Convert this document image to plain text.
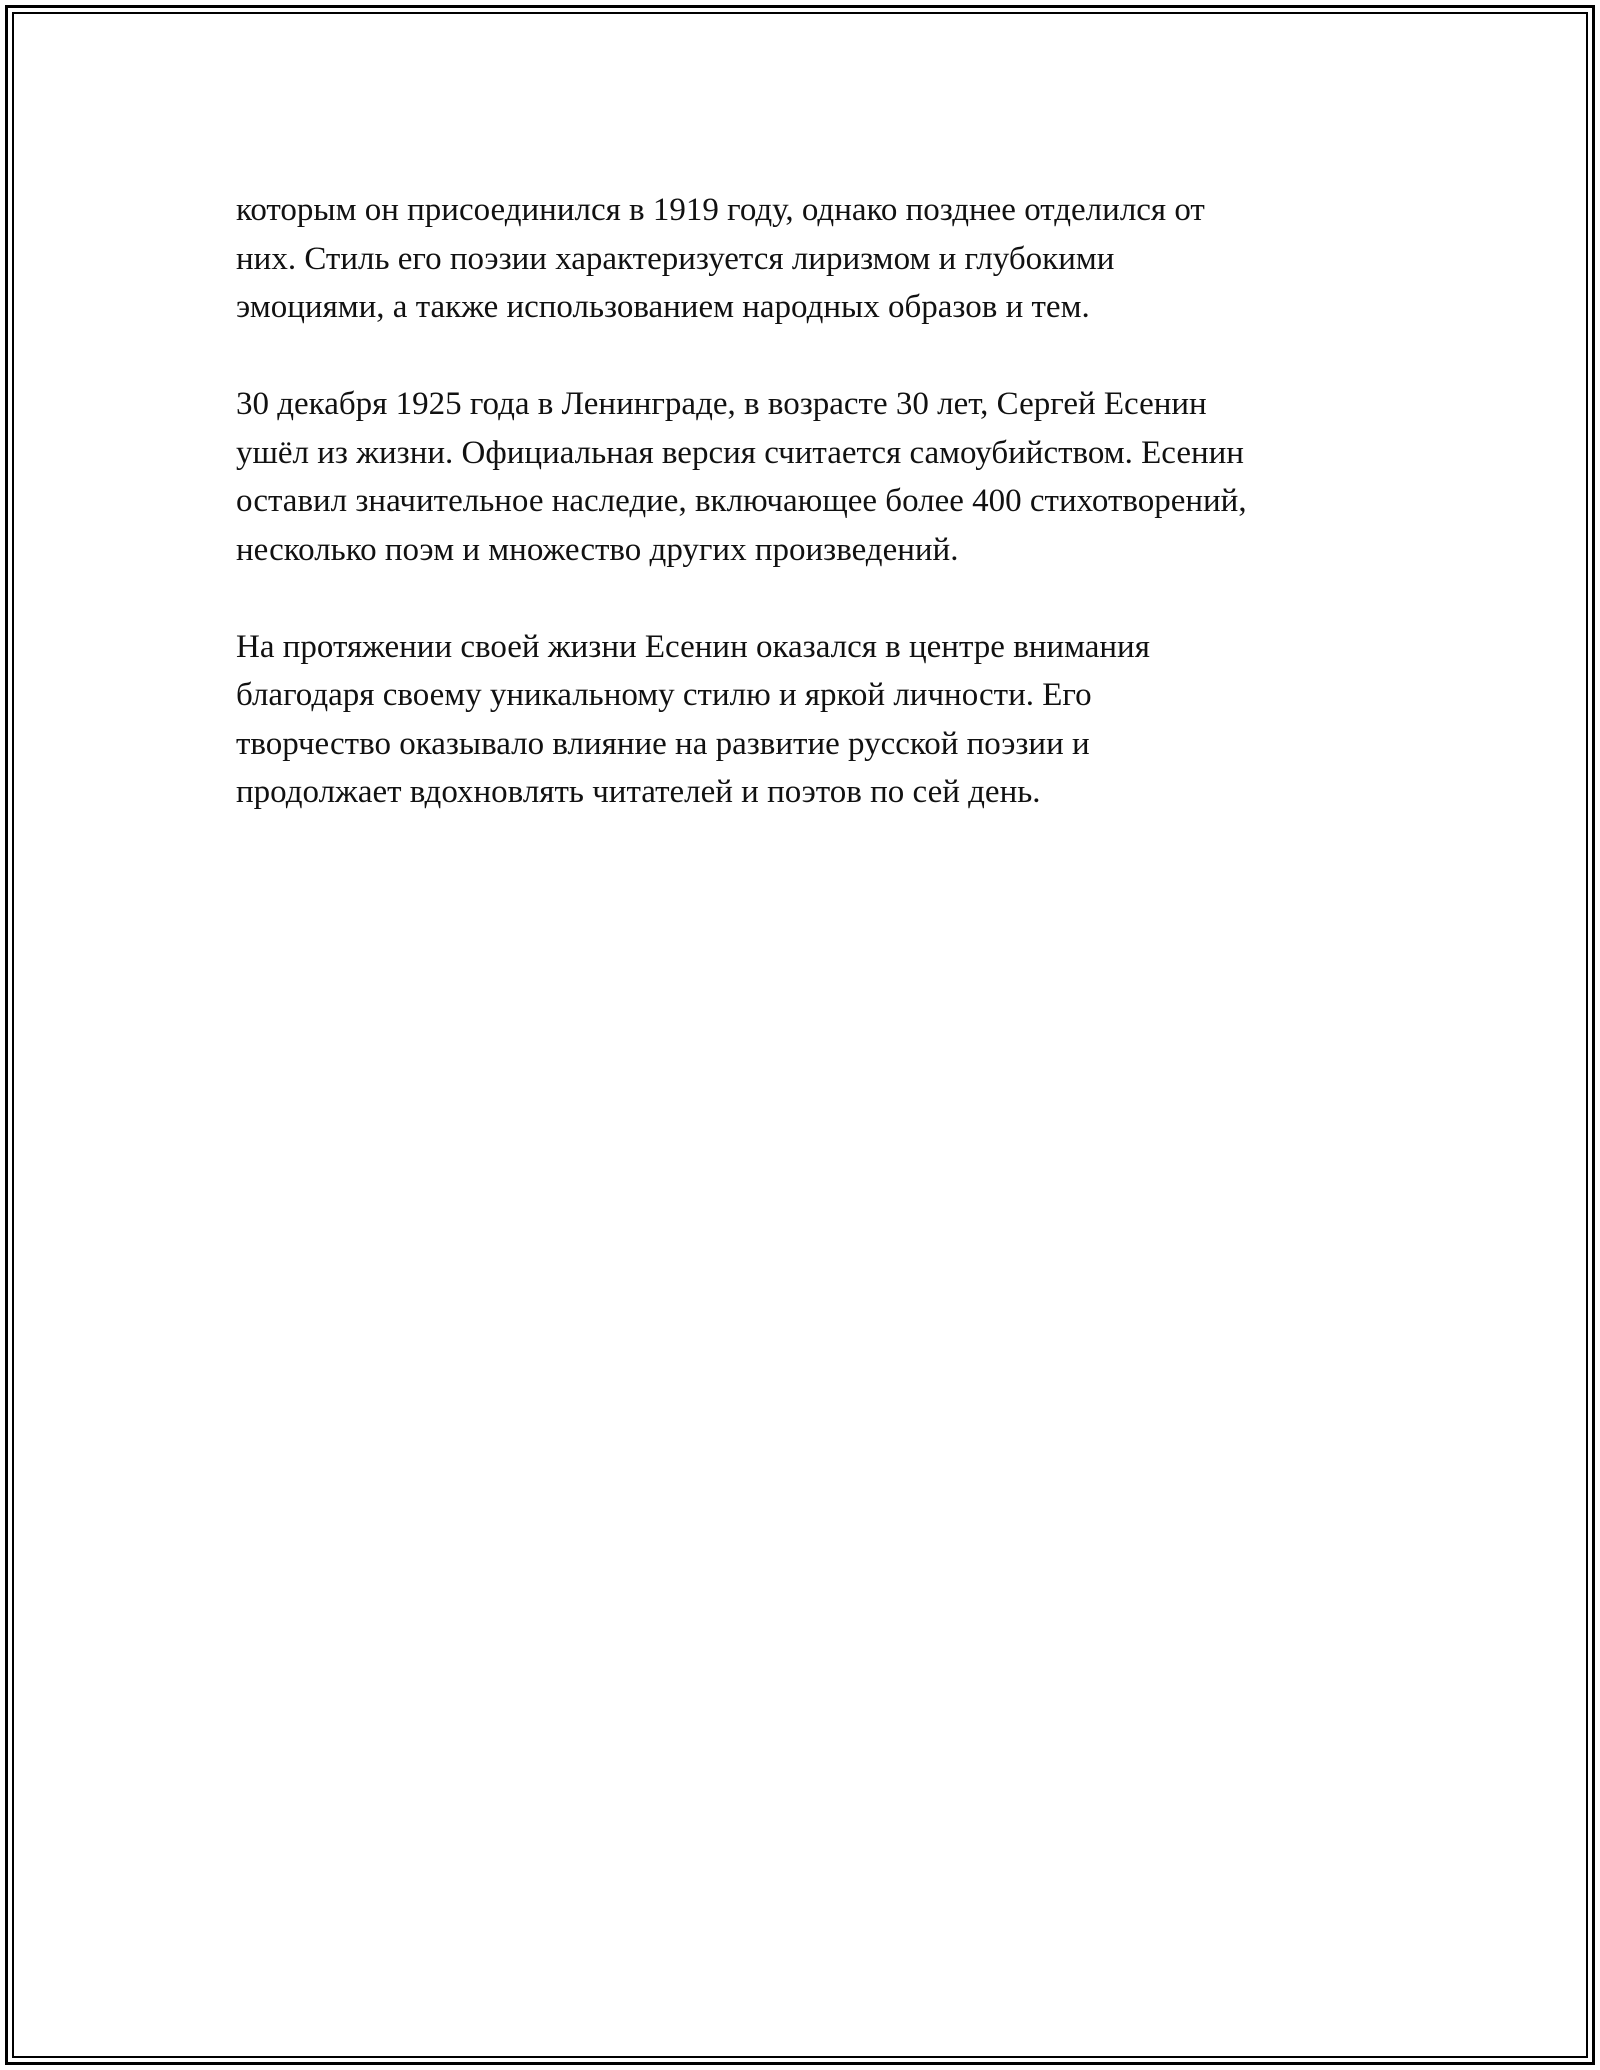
которым он присоединился в 1919 году, однако позднее отделился от
них. Стиль его поэзии характеризуется лиризмом и глубокими
эмоциями, а также использованием народных образов и тем.

30 декабря 1925 года в Ленинграде, в возрасте 30 лет, Сергей Есенин
ушёл из жизни. Официальная версия считается самоубийством. Есенин
оставил значительное наследие, включающее более 400 стихотворений,
несколько поэм и множество других произведений.

На протяжении своей жизни Есенин оказался в центре внимания
благодаря своему уникальному стилю и яркой личности. Его
творчество оказывало влияние на развитие русской поэзии и
продолжает вдохновлять читателей и поэтов по сей день.
